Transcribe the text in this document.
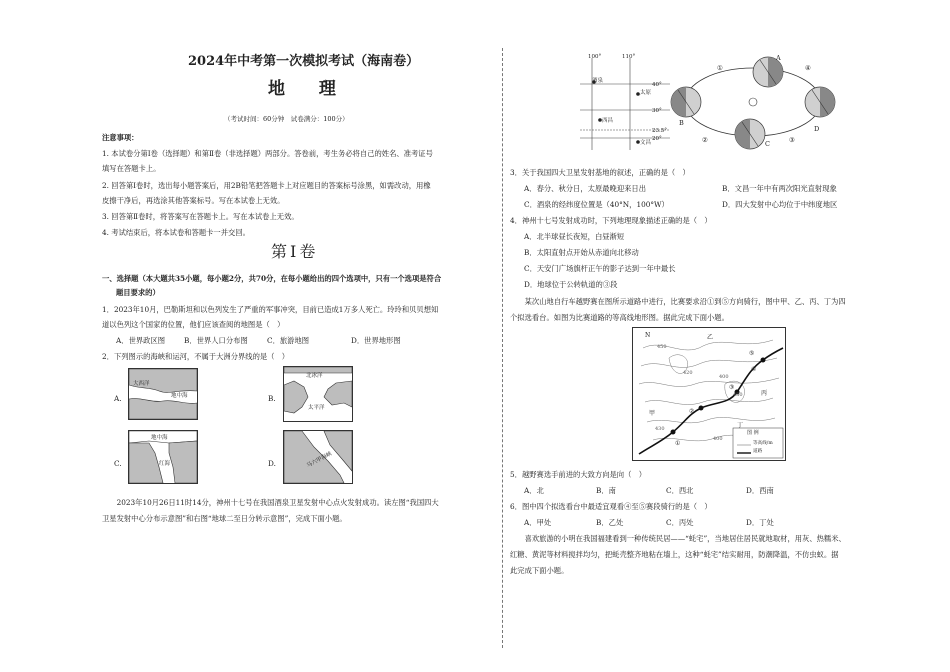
2024年中考第一次模拟考试（海南卷）
地 理
（考试时间：60分钟　试卷满分：100分）
注意事项：
1. 本试卷分第Ⅰ卷（选择题）和第Ⅱ卷（非选择题）两部分。答卷前，考生务必将自己的姓名、准考证号
填写在答题卡上。
2. 回答第Ⅰ卷时，选出每小题答案后，用2B铅笔把答题卡上对应题目的答案标号涂黑，如需改动，用橡
皮擦干净后，再选涂其他答案标号。写在本试卷上无效。
3. 回答第Ⅱ卷时，将答案写在答题卡上。写在本试卷上无效。
4. 考试结束后，将本试卷和答题卡一并交回。
第Ⅰ卷
一、选择题（本大题共35小题，每小题2分，共70分，在每小题给出的四个选项中，只有一个选项是符合
题目要求的）
1．2023年10月，巴勒斯坦和以色列发生了严重的军事冲突，目前已造成1万多人死亡。玲玲和贝贝想知
道以色列这个国家的位置，他们应该查阅的地图是（　）
A．世界政区图	B．世界人口分布图	C．旅游地图	D．世界地形图
2．下列图示的海峡和运河，不属于大洲分界线的是（　）
A.
大西洋
地中海	B.
北冰洋
太平洋
C.
地中海
红海	D.	马六甲海峡
　　2023年10月26日11时14分，神州十七号在我国酒泉卫星发射中心点火发射成功。读左图“我国四大
卫星发射中心分布示意图”和右图“地球二至日分转示意图”，完成下面小题。
100°	110°
40°
30°
23.5°
20°
酒泉
太原
西昌
文昌
A
B
C
D
①
②	③
④
3．关于我国四大卫星发射基地的叙述，正确的是（　）
A．春分、秋分日，太原最晚迎来日出	B．文昌一年中有两次阳光直射现象
C．酒泉的经纬度位置是（40°N，100°W）	D．四大发射中心均位于中纬度地区
4．神州十七号发射成功时，下列地理现象描述正确的是（　）
A．北半球昼长夜短，白昼渐短
B．太阳直射点开始从赤道向北移动
C．天安门广场旗杆正午的影子达到一年中最长
D．地球位于公转轨道的③段
　　某次山地自行车越野赛在图所示道路中进行，比赛要求沿①到⑤方向骑行，图中甲、乙、丙、丁为四
个拟选看台。如图为比赛道路的等高线地形图。据此完成下面小题。
N
甲
乙
丙
丁
①
②
③
④
⑤
450
420
400
450
430
400
图 例
等高线/m
道路
5．越野赛选手前进的大致方向是向（　）
A．北	B．南	C．西北	D．西南
6．图中四个拟选看台中最适宜观看④至⑤赛段骑行的是（　）
A．甲处	B．乙处	C．丙处	D．丁处
　　喜欢旅游的小明在我国福建看到一种传统民居——“蚝宅”，当地居住居民就地取材，用灰、热糯米、
红糖、黄泥等材料搅拌均匀，把蚝壳整齐地粘在墙上，这种“蚝宅”结实耐用，防潮降温，不仿虫蚁。据
此完成下面小题。
